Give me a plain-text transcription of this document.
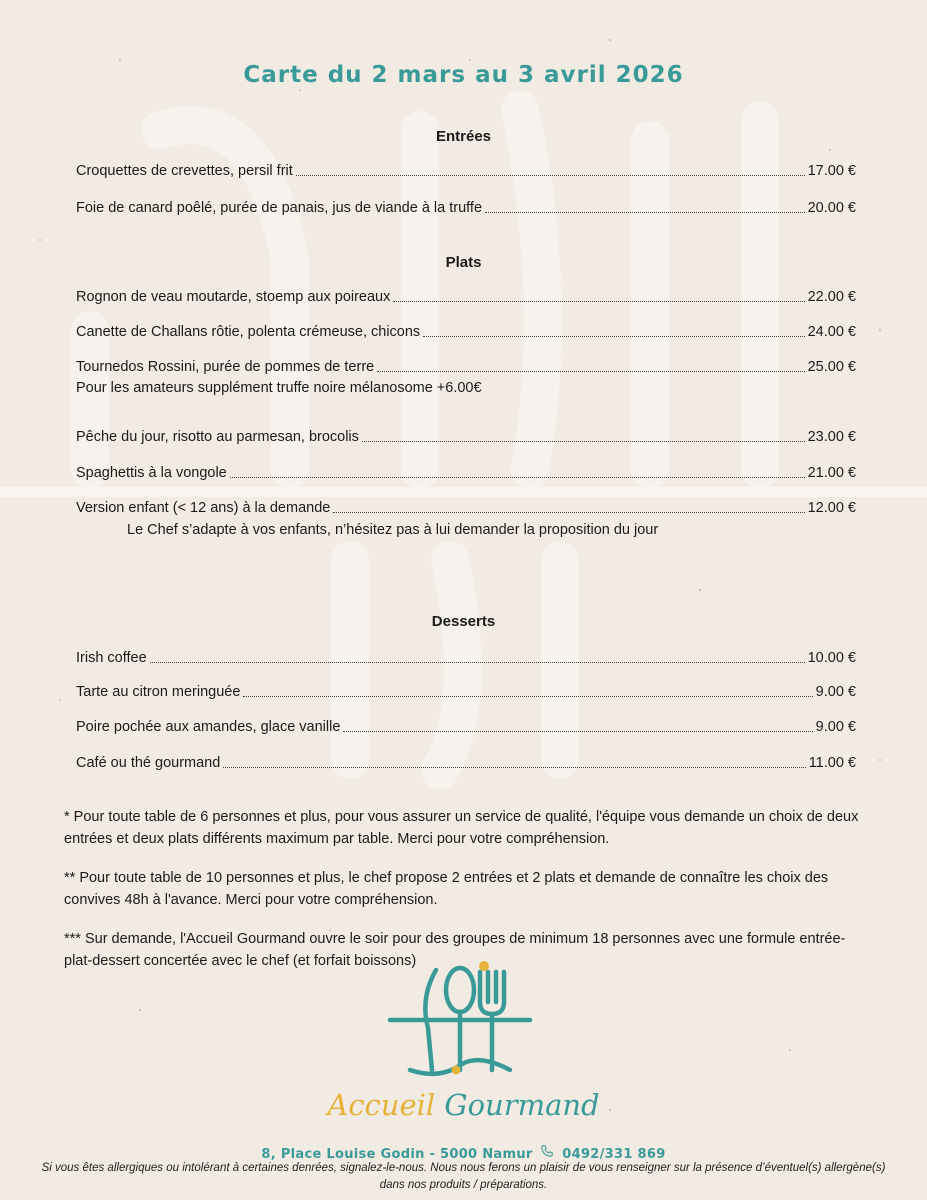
Carte du 2 mars au 3 avril 2026
Entrées
Croquettes de crevettes, persil frit	17.00 €
Foie de canard poêlé, purée de panais, jus de viande à la truffe	20.00 €
Plats
Rognon de veau moutarde, stoemp aux poireaux	22.00 €
Canette de Challans rôtie, polenta crémeuse, chicons	24.00 €
Tournedos Rossini, purée de pommes de terre	25.00 €
Pour les amateurs supplément truffe noire mélanosome +6.00€
Pêche du jour, risotto au parmesan, brocolis	23.00 €
Spaghettis à la vongole	21.00 €
Version enfant (< 12 ans) à la demande	12.00 €
Le Chef s’adapte à vos enfants, n’hésitez pas à lui demander la proposition du jour
Desserts
Irish coffee	10.00 €
Tarte au citron meringuée	9.00 €
Poire pochée aux amandes, glace vanille	9.00 €
Café ou thé gourmand	11.00 €
* Pour toute table de 6 personnes et plus, pour vous assurer un service de qualité, l'équipe vous demande un choix de deux entrées et deux plats différents maximum par table. Merci pour votre compréhension.
** Pour toute table de 10 personnes et plus, le chef propose 2 entrées et 2 plats et demande de connaître les choix des convives 48h à l'avance. Merci pour votre compréhension.
*** Sur demande, l'Accueil Gourmand ouvre le soir pour des groupes de minimum 18 personnes avec une formule entrée-plat-dessert concertée avec le chef (et forfait boissons)
Accueil Gourmand
8, Place Louise Godin - 5000 Namur 0492/331 869
Si vous êtes allergiques ou intolérant à certaines denrées, signalez-le-nous. Nous nous ferons un plaisir de vous renseigner sur la présence d’éventuel(s) allergène(s) dans nos produits / préparations.
